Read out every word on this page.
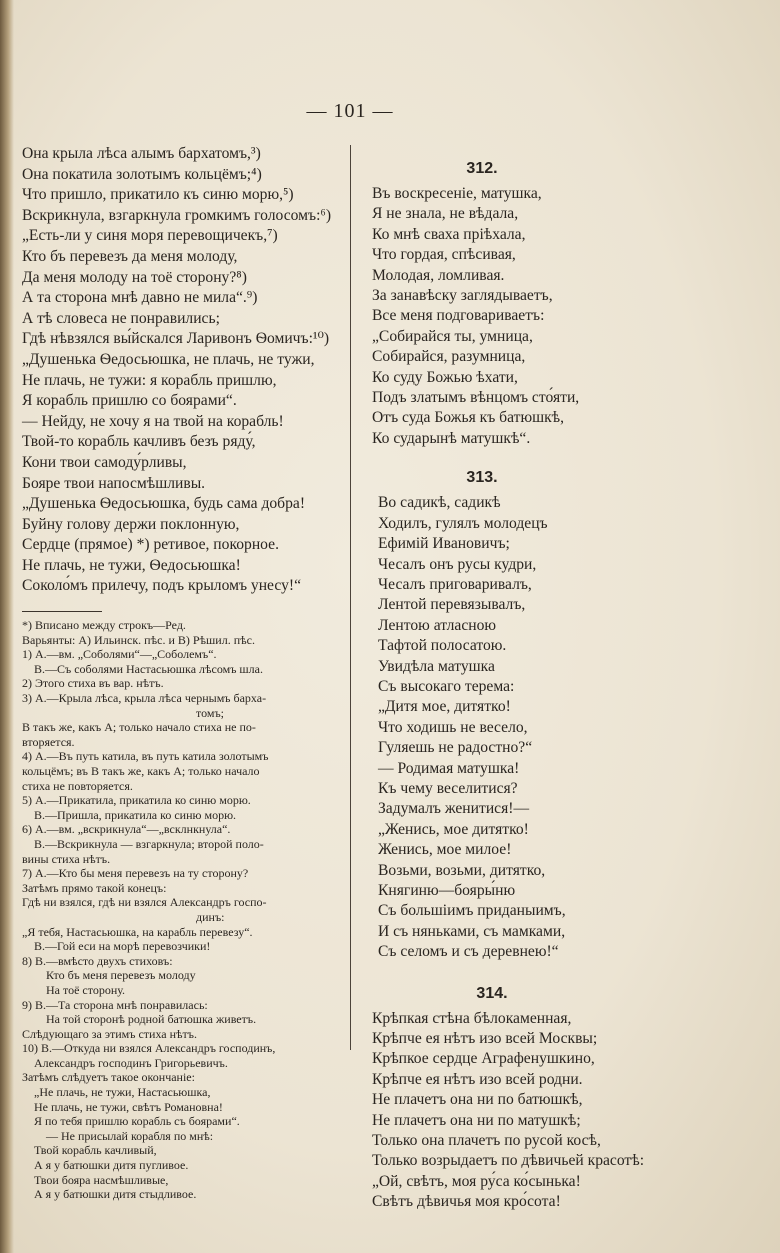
— 101 —
Она крыла лѣса алымъ бархатомъ,³)
Она покатила золотымъ кольцёмъ;⁴)
Что пришло, прикатило къ синю морю,⁵)
Вскрикнула, взгаркнула громкимъ голосомъ:⁶)
„Есть-ли у синя моря перевощичекъ,⁷)
Кто бъ перевезъ да меня молоду,
Да меня молоду на тоё сторону?⁸)
А та сторона мнѣ давно не мила“.⁹)
А тѣ словеса не понравились;
Гдѣ нѣвзялся вы́йскался Ларивонъ Ѳомичъ:¹⁰)
„Душенька Ѳедосьюшка, не плачь, не тужи,
Не плачь, не тужи: я корабль пришлю,
Я корабль пришлю со боярами“.
— Нейду, не хочу я на твой на корабль!
Твой-то корабль качливъ безъ ряду́,
Кони твои самоду́рливы,
Бояре твои напосмѣшливы.
„Душенька Ѳедосьюшка, будь сама добра!
Буйну голову держи поклонную,
Сердце (прямое) *) ретивое, покорное.
Не плачь, не тужи, Ѳедосьюшка!
Соколо́мъ прилечу, подъ крыломъ унесу!“
*) Вписано между строкъ—Ред.
Варьянты: А) Ильинск. пѣс. и В) Рѣшил. пѣс.
1) А.—вм. „Соболями“—„Соболемъ“.
В.—Съ соболями Настасьюшка лѣсомъ шла.
2) Этого стиха въ вар. нѣтъ.
3) А.—Крыла лѣса, крыла лѣса чернымъ барха-
томъ;
В такъ же, какъ А; только начало стиха не по-
вторяется.
4) А.—Въ путь катила, въ путь катила золотымъ
кольцёмъ; въ В такъ же, какъ А; только начало
стиха не повторяется.
5) А.—Прикатила, прикатила ко синю морю.
В.—Пришла, прикатила ко синю морю.
6) А.—вм. „вскрикнула“—„всклнкнула“.
В.—Вскрикнула — взгаркнула; второй поло-
вины стиха нѣтъ.
7) А.—Кто бы меня перевезъ на ту сторону?
Затѣмъ прямо такой конецъ:
Гдѣ ни взялся, гдѣ ни взялся Александръ госпо-
динъ:
„Я тебя, Настасьюшка, на карабль перевезу“.
В.—Гой еси на морѣ перевозчики!
8) В.—вмѣсто двухъ стиховъ:
Кто бъ меня перевезъ молоду
На тоё сторону.
9) В.—Та сторона мнѣ понравилась:
На той сторонѣ родной батюшка живетъ.
Слѣдующаго за этимъ стиха нѣтъ.
10) В.—Откуда ни взялся Александръ господинъ,
Александръ господинъ Григорьевичъ.
Затѣмъ слѣдуетъ такое окончаніе:
„Не плачь, не тужи, Настасьюшка,
Не плачь, не тужи, свѣтъ Романовна!
Я по тебя пришлю корабль съ боярами“.
— Не присылай корабля по мнѣ:
Твой корабль качливый,
А я у батюшки дитя пугливое.
Твои бояра насмѣшливые,
А я у батюшки дитя стыдливое.
312.
Въ воскресеніе, матушка,
Я не знала, не вѣдала,
Ко мнѣ сваха пріѣхала,
Что гордая, спѣсивая,
Молодая, ломливая.
За занавѣску заглядываетъ,
Все меня подговариваетъ:
„Собирайся ты, умница,
Собирайся, разумница,
Ко суду Божью ѣхати,
Подъ златымъ вѣнцомъ сто́яти,
Отъ суда Божья къ батюшкѣ,
Ко сударынѣ матушкѣ“.
313.
Во садикѣ, садикѣ
Ходилъ, гулялъ молодецъ
Ефимій Ивановичъ;
Чесалъ онъ русы кудри,
Чесалъ приговаривалъ,
Лентой перевязывалъ,
Лентою атласною
Тафтой полосатою.
Увидѣла матушка
Съ высокаго терема:
„Дитя мое, дитятко!
Что ходишь не весело,
Гуляешь не радостно?“
— Родимая матушка!
Къ чему веселитися?
Задумалъ женитися!—
„Женись, мое дитятко!
Женись, мое милое!
Возьми, возьми, дитятко,
Княгиню—бояры́ню
Съ большіимъ приданыимъ,
И съ няньками, съ мамками,
Съ селомъ и съ деревнею!“
314.
Крѣпкая стѣна бѣлокаменная,
Крѣпче ея нѣтъ изо всей Москвы;
Крѣпкое сердце Аграфенушкино,
Крѣпче ея нѣтъ изо всей родни.
Не плачетъ она ни по батюшкѣ,
Не плачетъ она ни по матушкѣ;
Только она плачетъ по русой косѣ,
Только возрыдаетъ по дѣвичьей красотѣ:
„Ой, свѣтъ, моя ру́са ко́сынька!
Свѣтъ дѣвичья моя кро́сота!
